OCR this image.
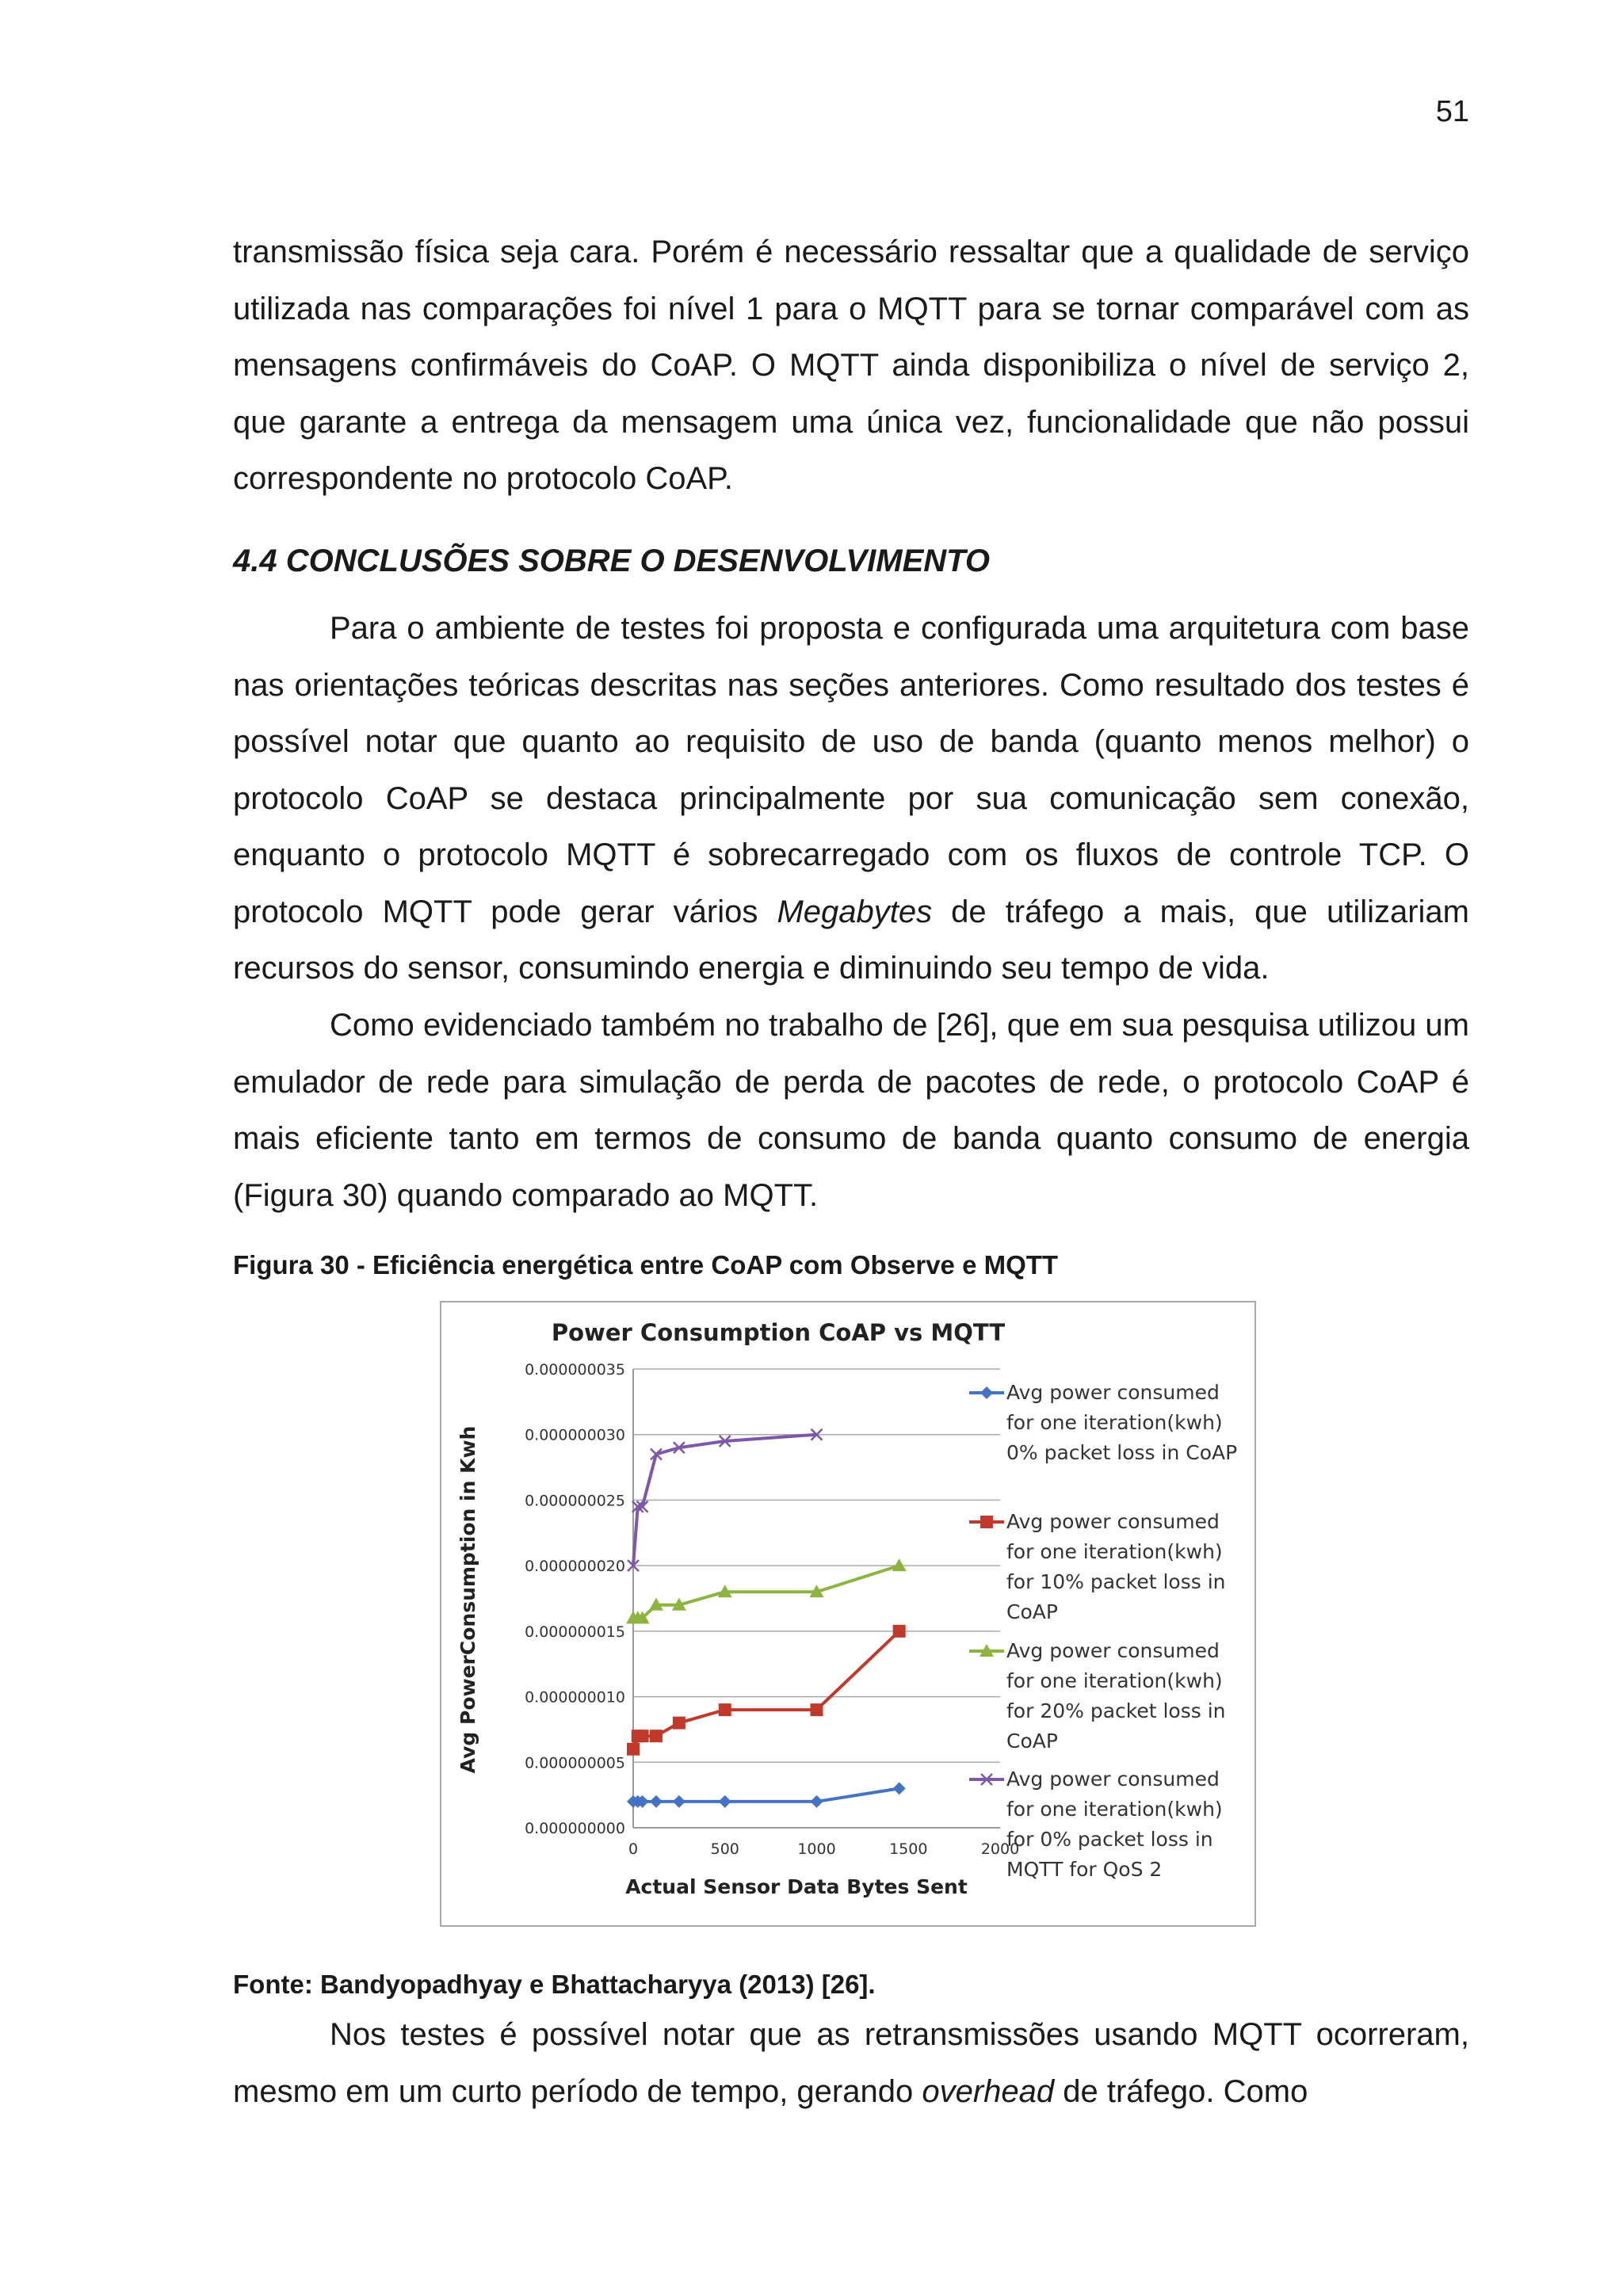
51

transmissão física seja cara. Porém é necessário ressaltar que a qualidade de serviço utilizada nas comparações foi nível 1 para o MQTT para se tornar comparável com as mensagens confirmáveis do CoAP. O MQTT ainda disponibiliza o nível de serviço 2, que garante a entrega da mensagem uma única vez, funcionalidade que não possui correspondente no protocolo CoAP.

4.4 CONCLUSÕES SOBRE O DESENVOLVIMENTO

Para o ambiente de testes foi proposta e configurada uma arquitetura com base nas orientações teóricas descritas nas seções anteriores. Como resultado dos testes é possível notar que quanto ao requisito de uso de banda (quanto menos melhor) o protocolo CoAP se destaca principalmente por sua comunicação sem conexão, enquanto o protocolo MQTT é sobrecarregado com os fluxos de controle TCP. O protocolo MQTT pode gerar vários Megabytes de tráfego a mais, que utilizariam recursos do sensor, consumindo energia e diminuindo seu tempo de vida.

Como evidenciado também no trabalho de [26], que em sua pesquisa utilizou um emulador de rede para simulação de perda de pacotes de rede, o protocolo CoAP é mais eficiente tanto em termos de consumo de banda quanto consumo de energia (Figura 30) quando comparado ao MQTT.

Figura 30 - Eficiência energética entre CoAP com Observe e MQTT

Power Consumption CoAP vs MQTT
0.000000000
0.000000005
0.000000010
0.000000015
0.000000020
0.000000025
0.000000030
0.000000035
0	500	1000	1500	2000
Actual Sensor Data Bytes Sent
Avg PowerConsumption in Kwh
Avg power consumed
for one iteration(kwh)
0% packet loss in CoAP
Avg power consumed
for one iteration(kwh)
for 10% packet loss in
CoAP
Avg power consumed
for one iteration(kwh)
for 20% packet loss in
CoAP
Avg power consumed
for one iteration(kwh)
for 0% packet loss in
MQTT for QoS 2

Fonte: Bandyopadhyay e Bhattacharyya (2013) [26].

Nos testes é possível notar que as retransmissões usando MQTT ocorreram, mesmo em um curto período de tempo, gerando overhead de tráfego. Como
